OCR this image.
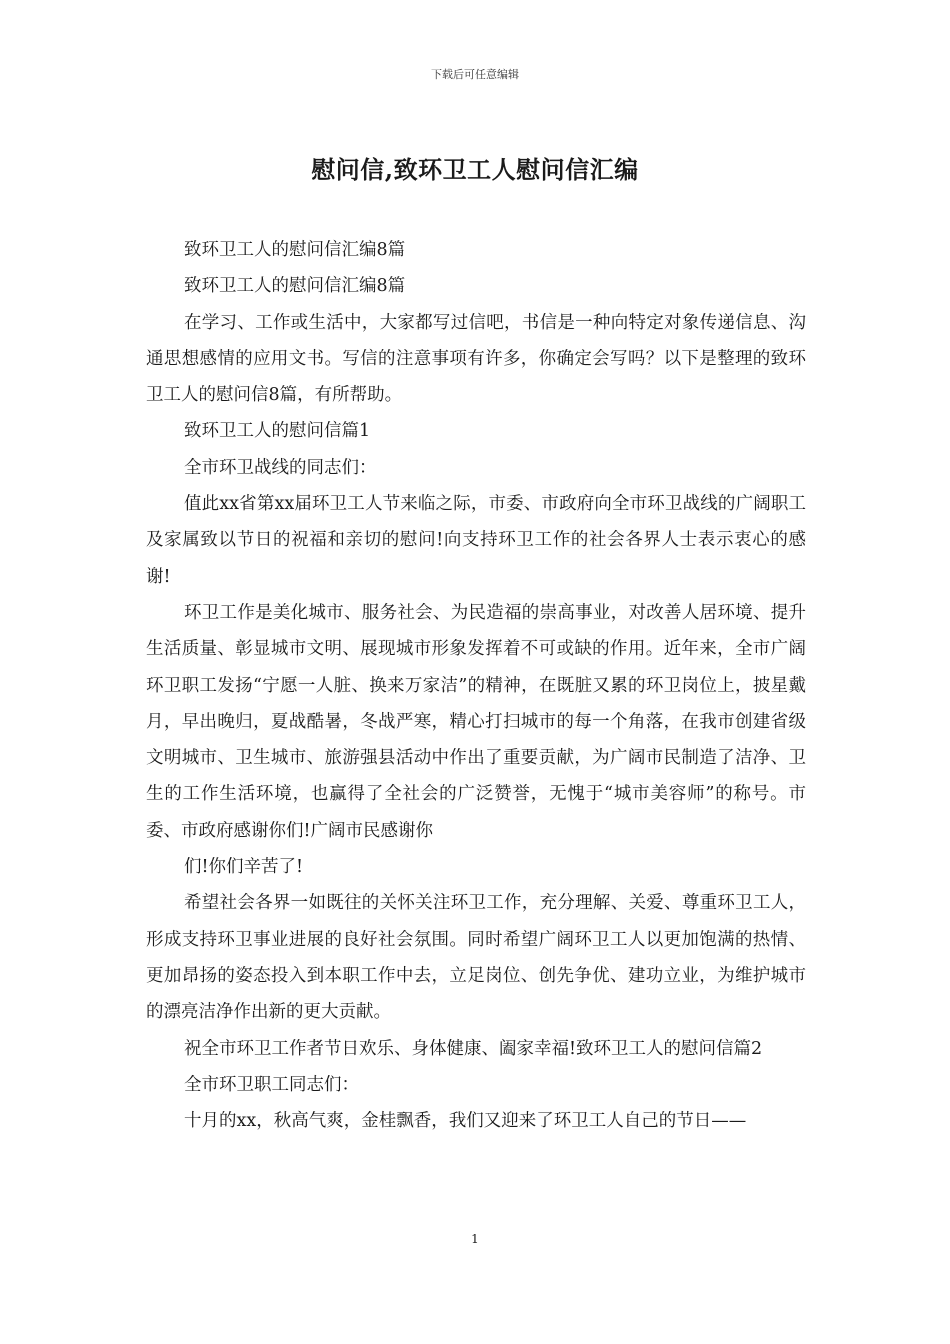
下载后可任意编辑
慰问信,致环卫工人慰问信汇编

致环卫工人的慰问信汇编8篇

致环卫工人的慰问信汇编8篇

在学习、工作或生活中，大家都写过信吧，书信是一种向特定对象传递信息、沟通思想感情的应用文书。写信的注意事项有许多，你确定会写吗？以下是整理的致环卫工人的慰问信8篇，有所帮助。

致环卫工人的慰问信篇1

全市环卫战线的同志们：

值此xx省第xx届环卫工人节来临之际，市委、市政府向全市环卫战线的广阔职工及家属致以节日的祝福和亲切的慰问!向支持环卫工作的社会各界人士表示衷心的感谢!

环卫工作是美化城市、服务社会、为民造福的崇高事业，对改善人居环境、提升生活质量、彰显城市文明、展现城市形象发挥着不可或缺的作用。近年来，全市广阔环卫职工发扬“宁愿一人脏、换来万家洁”的精神，在既脏又累的环卫岗位上，披星戴月，早出晚归，夏战酷暑，冬战严寒，精心打扫城市的每一个角落，在我市创建省级文明城市、卫生城市、旅游强县活动中作出了重要贡献，为广阔市民制造了洁净、卫生的工作生活环境，也赢得了全社会的广泛赞誉，无愧于“城市美容师”的称号。市委、市政府感谢你们!广阔市民感谢你

们!你们辛苦了!

希望社会各界一如既往的关怀关注环卫工作，充分理解、关爱、尊重环卫工人，形成支持环卫事业进展的良好社会氛围。同时希望广阔环卫工人以更加饱满的热情、更加昂扬的姿态投入到本职工作中去，立足岗位、创先争优、建功立业，为维护城市的漂亮洁净作出新的更大贡献。

祝全市环卫工作者节日欢乐、身体健康、阖家幸福!致环卫工人的慰问信篇2

全市环卫职工同志们：

十月的xx，秋高气爽，金桂飘香，我们又迎来了环卫工人自己的节日——

1
